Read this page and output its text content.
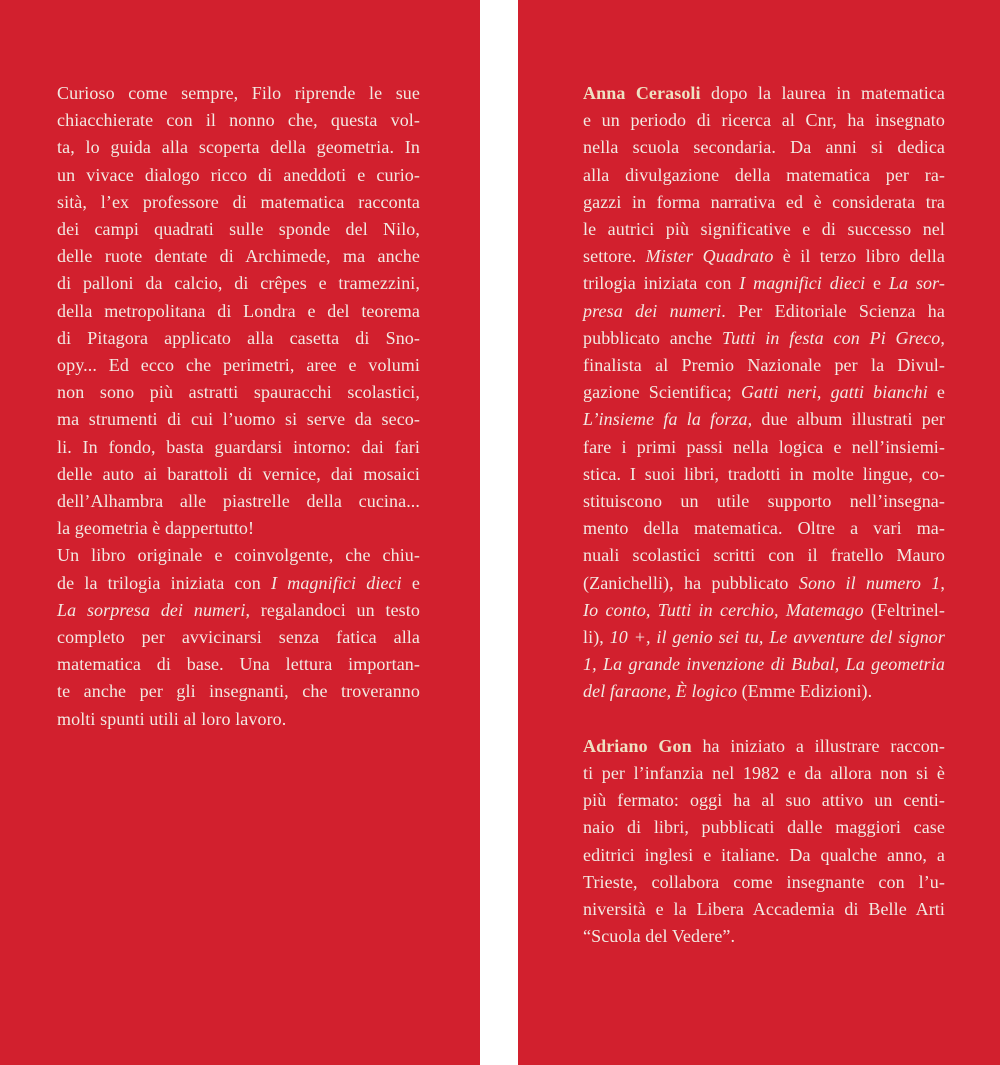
Curioso come sempre, Filo riprende le sue
chiacchierate con il nonno che, questa vol-
ta, lo guida alla scoperta della geometria. In
un vivace dialogo ricco di aneddoti e curio-
sità, l’ex professore di matematica racconta
dei campi quadrati sulle sponde del Nilo,
delle ruote dentate di Archimede, ma anche
di palloni da calcio, di crêpes e tramezzini,
della metropolitana di Londra e del teorema
di Pitagora applicato alla casetta di Sno-
opy... Ed ecco che perimetri, aree e volumi
non sono più astratti spauracchi scolastici,
ma strumenti di cui l’uomo si serve da seco-
li. In fondo, basta guardarsi intorno: dai fari
delle auto ai barattoli di vernice, dai mosaici
dell’Alhambra alle piastrelle della cucina...
la geometria è dappertutto!
Un libro originale e coinvolgente, che chiu-
de la trilogia iniziata con I magnifici dieci e
La sorpresa dei numeri, regalandoci un testo
completo per avvicinarsi senza fatica alla
matematica di base. Una lettura importan-
te anche per gli insegnanti, che troveranno
molti spunti utili al loro lavoro.
Anna Cerasoli dopo la laurea in matematica
e un periodo di ricerca al Cnr, ha insegnato
nella scuola secondaria. Da anni si dedica
alla divulgazione della matematica per ra-
gazzi in forma narrativa ed è considerata tra
le autrici più significative e di successo nel
settore. Mister Quadrato è il terzo libro della
trilogia iniziata con I magnifici dieci e La sor-
presa dei numeri. Per Editoriale Scienza ha
pubblicato anche Tutti in festa con Pi Greco,
finalista al Premio Nazionale per la Divul-
gazione Scientifica; Gatti neri, gatti bianchi e
L’insieme fa la forza, due album illustrati per
fare i primi passi nella logica e nell’insiemi-
stica. I suoi libri, tradotti in molte lingue, co-
stituiscono un utile supporto nell’insegna-
mento della matematica. Oltre a vari ma-
nuali scolastici scritti con il fratello Mauro
(Zanichelli), ha pubblicato Sono il numero 1,
Io conto, Tutti in cerchio, Matemago (Feltrinel-
li), 10 +, il genio sei tu, Le avventure del signor
1, La grande invenzione di Bubal, La geometria
del faraone, È logico (Emme Edizioni).
Adriano Gon ha iniziato a illustrare raccon-
ti per l’infanzia nel 1982 e da allora non si è
più fermato: oggi ha al suo attivo un centi-
naio di libri, pubblicati dalle maggiori case
editrici inglesi e italiane. Da qualche anno, a
Trieste, collabora come insegnante con l’u-
niversità e la Libera Accademia di Belle Arti
“Scuola del Vedere”.
